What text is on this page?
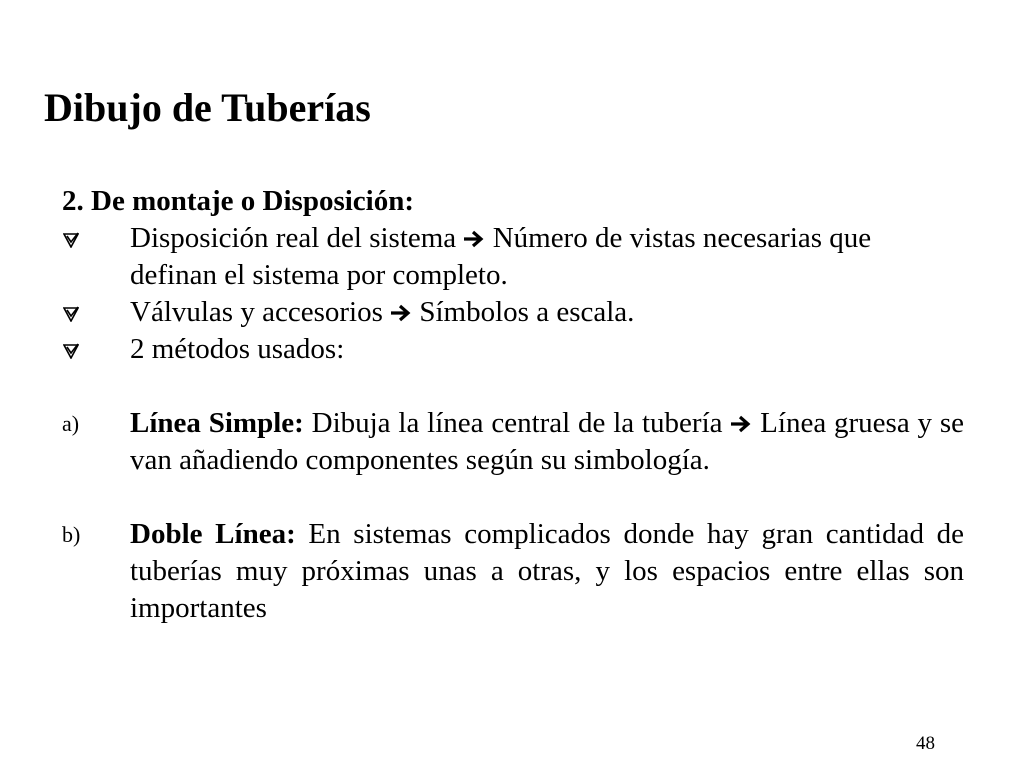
Dibujo de Tuberías

2. De montaje o Disposición:

Disposición real del sistema Número de vistas necesarias que definan el sistema por completo.

Válvulas y accesorios Símbolos a escala.

2 métodos usados:

a)	Línea Simple: Dibuja la línea central de la tubería Línea gruesa y se van añadiendo componentes según su simbología.

b)	Doble Línea: En sistemas complicados donde hay gran cantidad de tuberías muy próximas unas a otras, y los espacios entre ellas son importantes

48
